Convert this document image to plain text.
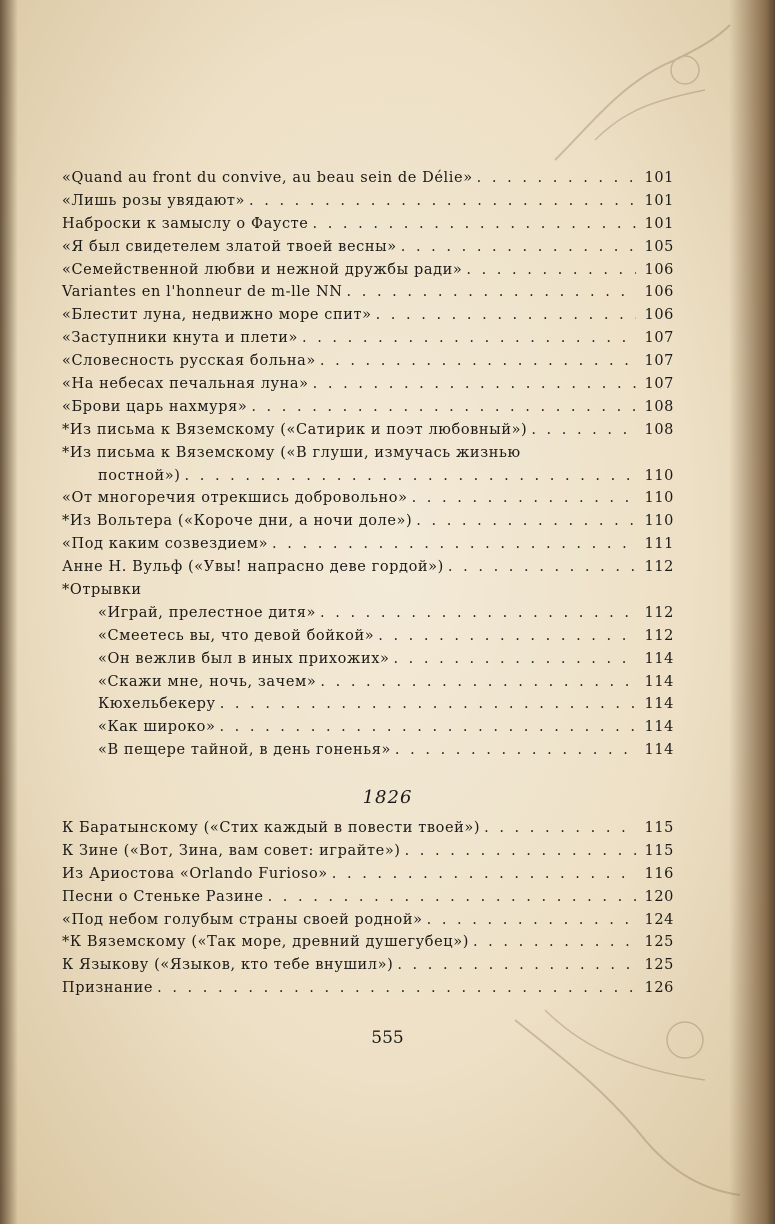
«Quand au front du convive, au beau sein de Délie» . . .	101
«Лишь розы увядают» . . .	101
Наброски к замыслу о Фаусте . . .	101
«Я был свидетелем златой твоей весны» . . .	105
«Семейственной любви и нежной дружбы ради» . . .	106
Variantes en l'honneur de m-lle NN . . .	106
«Блестит луна, недвижно море спит» . . .	106
«Заступники кнута и плети» . . .	107
«Словесность русская больна» . . .	107
«На небесах печальная луна» . . .	107
«Брови царь нахмуря» . . .	108
*Из письма к Вяземскому («Сатирик и поэт любовный») . . .	108
*Из письма к Вяземскому («В глуши, измучась жизнью
постной») . . .	110
«От многоречия отрекшись добровольно» . . .	110
*Из Вольтера («Короче дни, а ночи доле») . . .	110
«Под каким созвездием» . . .	111
Анне Н. Вульф («Увы! напрасно деве гордой») . . .	112
*Отрывки
«Играй, прелестное дитя» . . .	112
«Смеетесь вы, что девой бойкой» . . .	112
«Он вежлив был в иных прихожих» . . .	114
«Скажи мне, ночь, зачем» . . .	114
Кюхельбекеру . . .	114
«Как широко» . . .	114
«В пещере тайной, в день гоненья» . . .	114
1826
К Баратынскому («Стих каждый в повести твоей») . . .	115
К Зине («Вот, Зина, вам совет: играйте») . . .	115
Из Ариостова «Orlando Furioso» . . .	116
Песни о Стеньке Разине . . .	120
«Под небом голубым страны своей родной» . . .	124
*К Вяземскому («Так море, древний душегубец») . . .	125
К Языкову («Языков, кто тебе внушил») . . .	125
Признание . . .	126
555
